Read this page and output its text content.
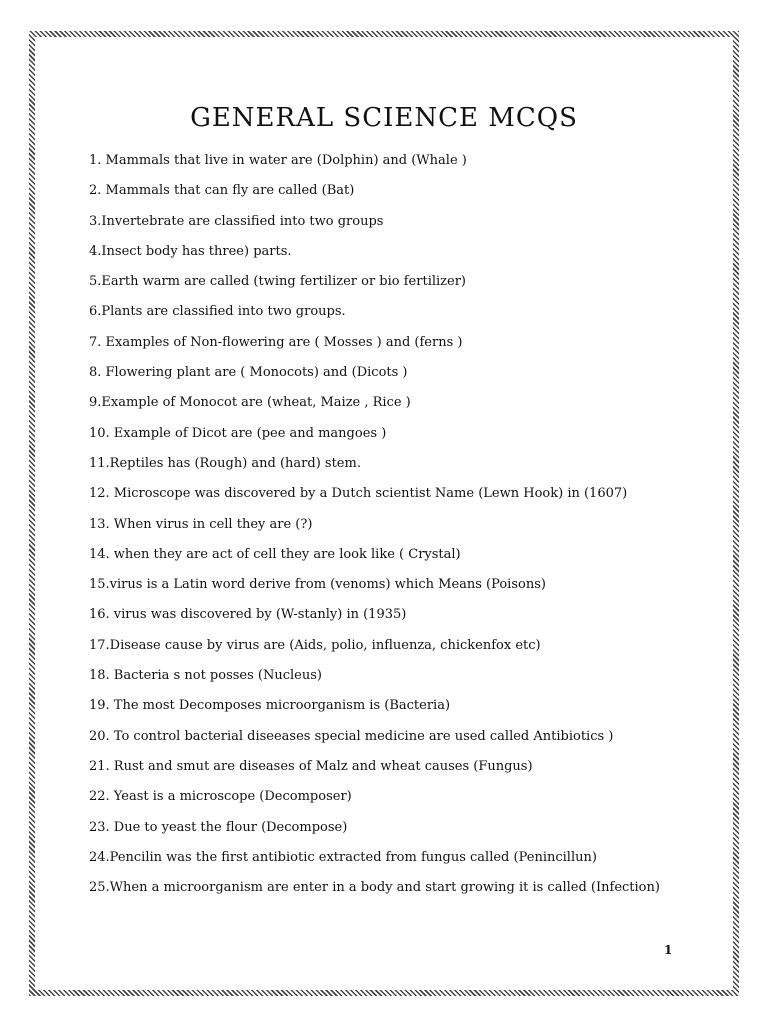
GENERAL SCIENCE MCQS
1. Mammals that live in water are (Dolphin) and (Whale )
2. Mammals that can fly are called (Bat)
3.Invertebrate are classified into two groups
4.Insect body has three) parts.
5.Earth warm are called (twing fertilizer or bio fertilizer)
6.Plants are classified into two groups.
7. Examples of Non-flowering are ( Mosses ) and (ferns )
8. Flowering plant are ( Monocots) and (Dicots )
9.Example of Monocot are (wheat, Maize , Rice )
10. Example of Dicot are (pee and mangoes )
11.Reptiles has (Rough) and (hard) stem.
12. Microscope was discovered by a Dutch scientist Name (Lewn Hook) in (1607)
13. When virus in cell they are (?)
14. when they are act of cell they are look like ( Crystal)
15.virus is a Latin word derive from (venoms) which Means (Poisons)
16. virus was discovered by (W-stanly) in (1935)
17.Disease cause by virus are (Aids, polio, influenza, chickenfox etc)
18. Bacteria s not posses (Nucleus)
19. The most Decomposes microorganism is (Bacteria)
20. To control bacterial diseeases special medicine are used called Antibiotics )
21. Rust and smut are diseases of Malz and wheat causes (Fungus)
22. Yeast is a microscope (Decomposer)
23. Due to yeast the flour (Decompose)
24.Pencilin was the first antibiotic extracted from fungus called (Penincillun)
25.When a microorganism are enter in a body and start growing it is called (Infection)
1
